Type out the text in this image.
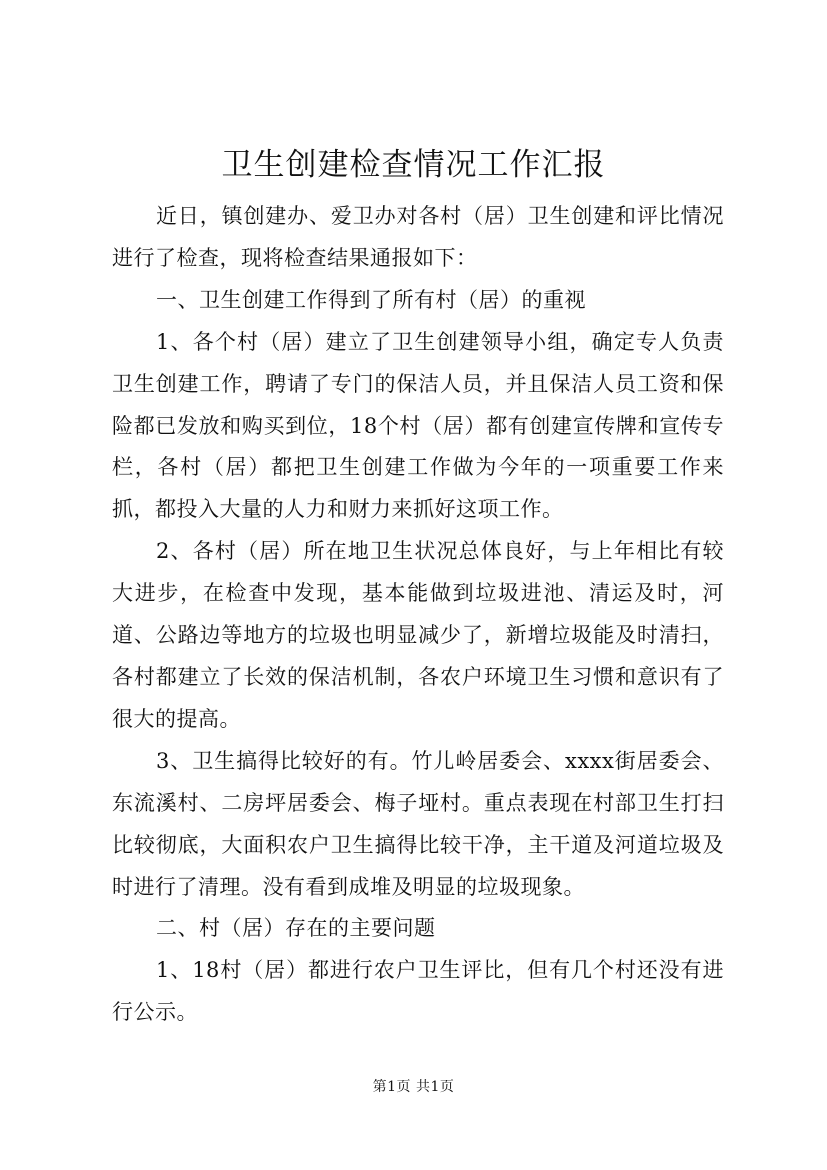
卫生创建检查情况工作汇报

近日，镇创建办、爱卫办对各村（居）卫生创建和评比情况进行了检查，现将检查结果通报如下：

一、卫生创建工作得到了所有村（居）的重视

1、各个村（居）建立了卫生创建领导小组，确定专人负责卫生创建工作，聘请了专门的保洁人员，并且保洁人员工资和保险都已发放和购买到位，18个村（居）都有创建宣传牌和宣传专栏，各村（居）都把卫生创建工作做为今年的一项重要工作来抓，都投入大量的人力和财力来抓好这项工作。

2、各村（居）所在地卫生状况总体良好，与上年相比有较大进步，在检查中发现，基本能做到垃圾进池、清运及时，河道、公路边等地方的垃圾也明显减少了，新增垃圾能及时清扫，各村都建立了长效的保洁机制，各农户环境卫生习惯和意识有了很大的提高。

3、卫生搞得比较好的有。竹儿岭居委会、xxxx街居委会、东流溪村、二房坪居委会、梅子垭村。重点表现在村部卫生打扫比较彻底，大面积农户卫生搞得比较干净，主干道及河道垃圾及时进行了清理。没有看到成堆及明显的垃圾现象。

二、村（居）存在的主要问题

1、18村（居）都进行农户卫生评比，但有几个村还没有进行公示。

第1页 共1页
